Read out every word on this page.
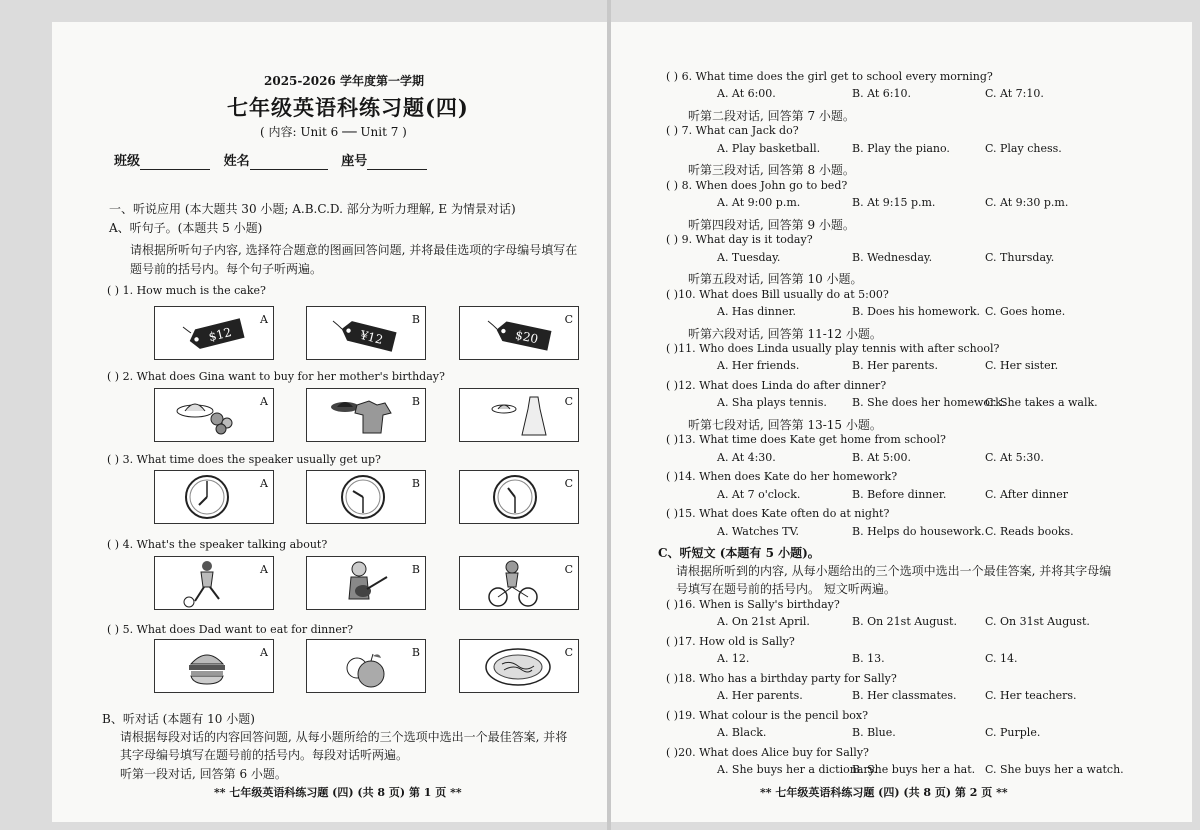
2025-2026 学年度第一学期
七年级英语科练习题(四)
( 内容: Unit 6 ── Unit 7 )
班级	姓名	座号
一、听说应用 (本大题共 30 小题; A.B.C.D. 部分为听力理解, E 为情景对话)
A、听句子。(本题共 5 小题)
请根据所听句子内容, 选择符合题意的图画回答问题, 并将最佳选项的字母编号填写在
题号前的括号内。每个句子听两遍。
( ) 1. How much is the cake?
$12
A
¥12
B
$20
C
( ) 2. What does Gina want to buy for her mother's birthday?
A	B	C
( ) 3. What time does the speaker usually get up?
A	B	C
( ) 4. What's the speaker talking about?
A	B	C
( ) 5. What does Dad want to eat for dinner?
A	B	C
B、听对话 (本题有 10 小题)
请根据每段对话的内容回答问题, 从每小题所给的三个选项中选出一个最佳答案, 并将
其字母编号填写在题号前的括号内。每段对话听两遍。
听第一段对话, 回答第 6 小题。
** 七年级英语科练习题 (四) (共 8 页) 第 1 页 **
( ) 6. What time does the girl get to school every morning?
A. At 6:00.	B. At 6:10.	C. At 7:10.
听第二段对话, 回答第 7 小题。
( ) 7. What can Jack do?
A. Play basketball.	B. Play the piano.	C. Play chess.
听第三段对话, 回答第 8 小题。
( ) 8. When does John go to bed?
A. At 9:00 p.m.	B. At 9:15 p.m.	C. At 9:30 p.m.
听第四段对话, 回答第 9 小题。
( ) 9. What day is it today?
A. Tuesday.	B. Wednesday.	C. Thursday.
听第五段对话, 回答第 10 小题。
( )10. What does Bill usually do at 5:00?
A. Has dinner.	B. Does his homework. C. Goes home.
听第六段对话, 回答第 11-12 小题。
( )11. Who does Linda usually play tennis with after school?
A. Her friends.	B. Her parents.	C. Her sister.
( )12. What does Linda do after dinner?
A. Sha plays tennis. B. She does her homework.
C. She takes a walk.
听第七段对话, 回答第 13-15 小题。
( )13. What time does Kate get home from school?
A. At 4:30.	B. At 5:00.	C. At 5:30.
( )14. When does Kate do her homework?
A. At 7 o'clock.	B. Before dinner.	C. After dinner
( )15. What does Kate often do at night?
A. Watches TV.	B. Helps do housework. C. Reads books.
C、听短文 (本题有 5 小题)。
请根据所听到的内容, 从每小题给出的三个选项中选出一个最佳答案, 并将其字母编
号填写在题号前的括号内。 短文听两遍。
( )16. When is Sally's birthday?
A. On 21st April.	B. On 21st August.	C. On 31st August.
( )17. How old is Sally?
A. 12.	B. 13.	C. 14.
( )18. Who has a birthday party for Sally?
A. Her parents.	B. Her classmates.	C. Her teachers.
( )19. What colour is the pencil box?
A. Black.	B. Blue.	C. Purple.
( )20. What does Alice buy for Sally?
A. She buys her a dictionary.
B. She buys her a hat. C. She buys her a watch.
** 七年级英语科练习题 (四) (共 8 页) 第 2 页 **
